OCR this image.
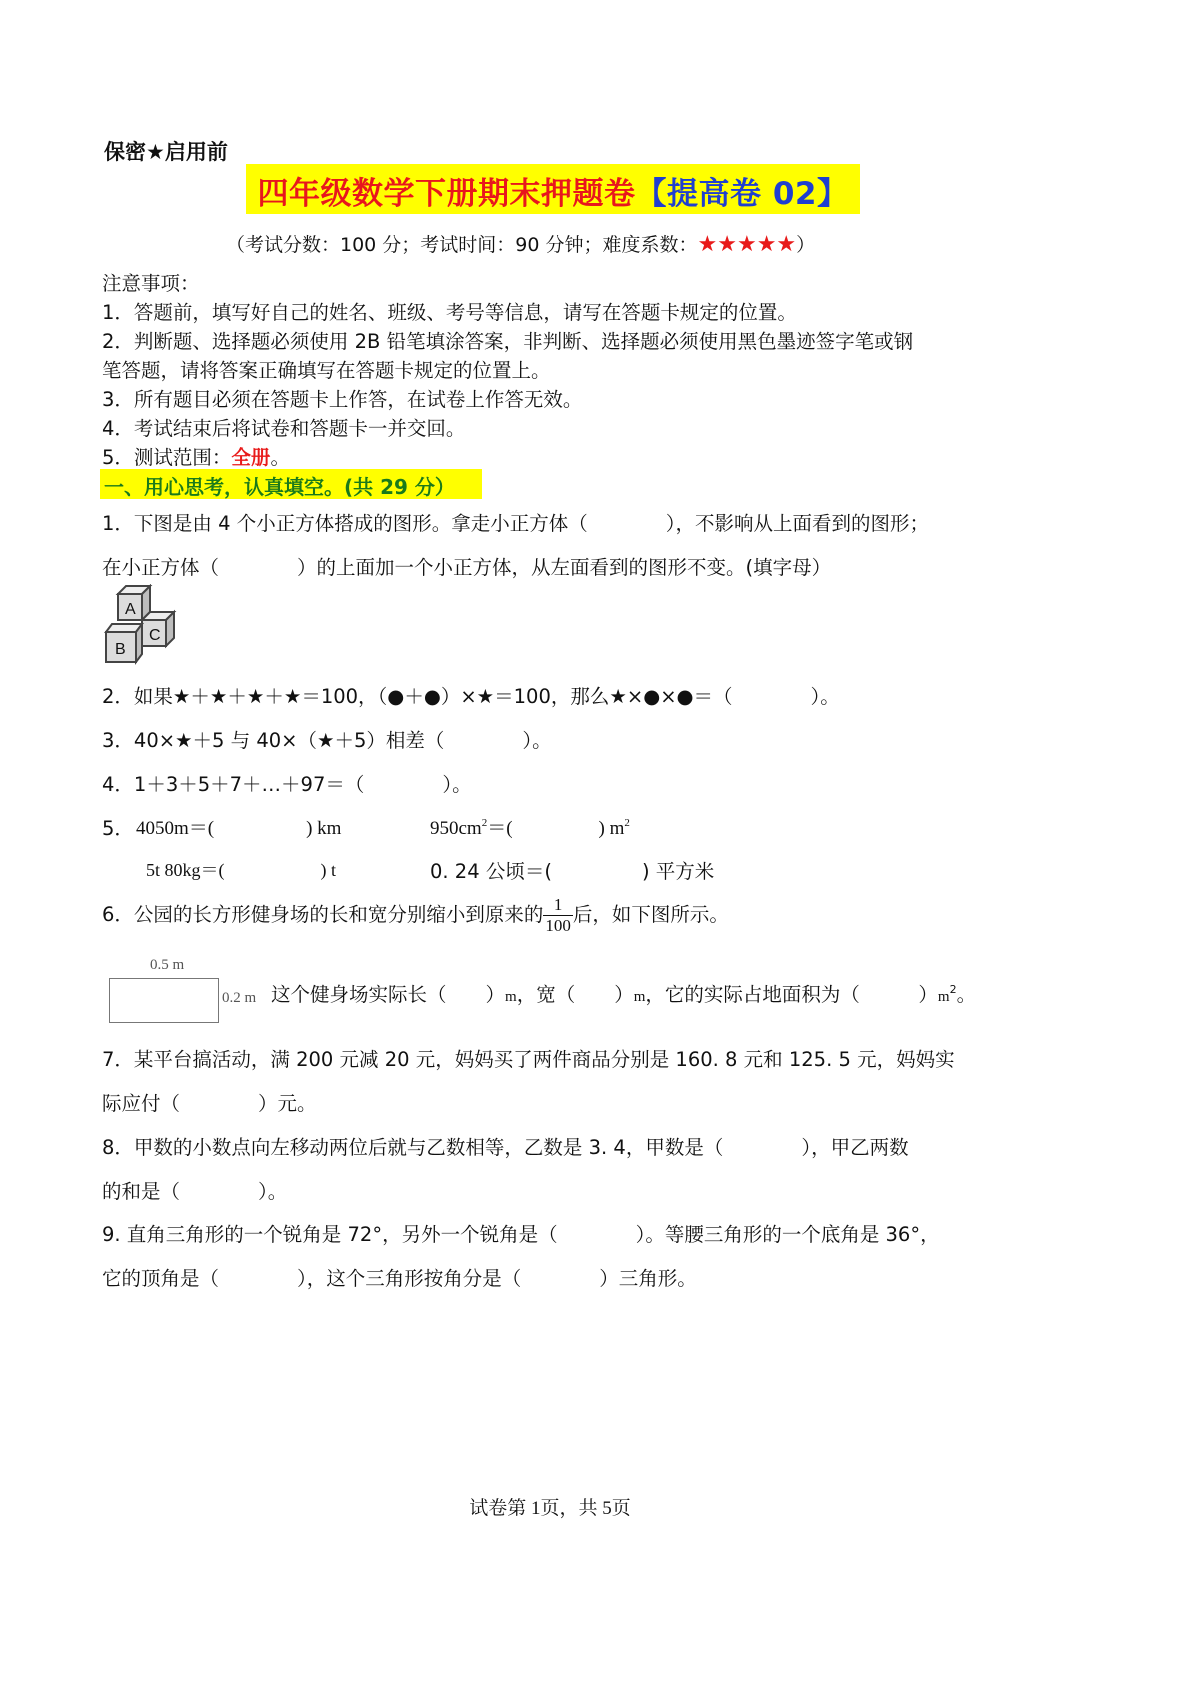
保密★启用前
四年级数学下册期末押题卷【提高卷 02】
（考试分数：100 分；考试时间：90 分钟；难度系数：★★★★★）
注意事项：
1．答题前，填写好自己的姓名、班级、考号等信息，请写在答题卡规定的位置。
2．判断题、选择题必须使用 2B 铅笔填涂答案，非判断、选择题必须使用黑色墨迹签字笔或钢
笔答题，请将答案正确填写在答题卡规定的位置上。
3．所有题目必须在答题卡上作答，在试卷上作答无效。
4．考试结束后将试卷和答题卡一并交回。
5．测试范围：全册。
一、用心思考，认真填空。(共 29 分）
1．下图是由 4 个小正方体搭成的图形。拿走小正方体（　　　　），不影响从上面看到的图形；
在小正方体（　　　　）的上面加一个小正方体，从左面看到的图形不变。(填字母）
A
C
B
2．如果★＋★＋★＋★＝100，（●＋●）×★＝100，那么★×●×●＝（　　　　）。
3．40×★＋5 与 40×（★＋5）相差（　　　　）。
4．1＋3＋5＋7＋…＋97＝（　　　　）。
5． 4050m＝(	) km	$950cm^2=$(	) $m^2$
5t 80kg＝(	) t	0. 24 公顷＝(	) 平方米
6．公园的长方形健身场的长和宽分别缩小到原来的 $\frac{1}{100}$ 后，如下图所示。
0.5 m
0.2 m 这个健身场实际长（　　）m，宽（　　）m，它的实际占地面积为（　　　）$m^2$。
7．某平台搞活动，满 200 元减 20 元，妈妈买了两件商品分别是 160. 8 元和 125. 5 元，妈妈实
际应付（　　　　）元。
8．甲数的小数点向左移动两位后就与乙数相等，乙数是 3. 4，甲数是（　　　　），甲乙两数
的和是（　　　　）。
9. 直角三角形的一个锐角是 72°，另外一个锐角是（　　　　）。等腰三角形的一个底角是 36°，
它的顶角是（　　　　），这个三角形按角分是（　　　　）三角形。
试卷第 1页，共 5页
